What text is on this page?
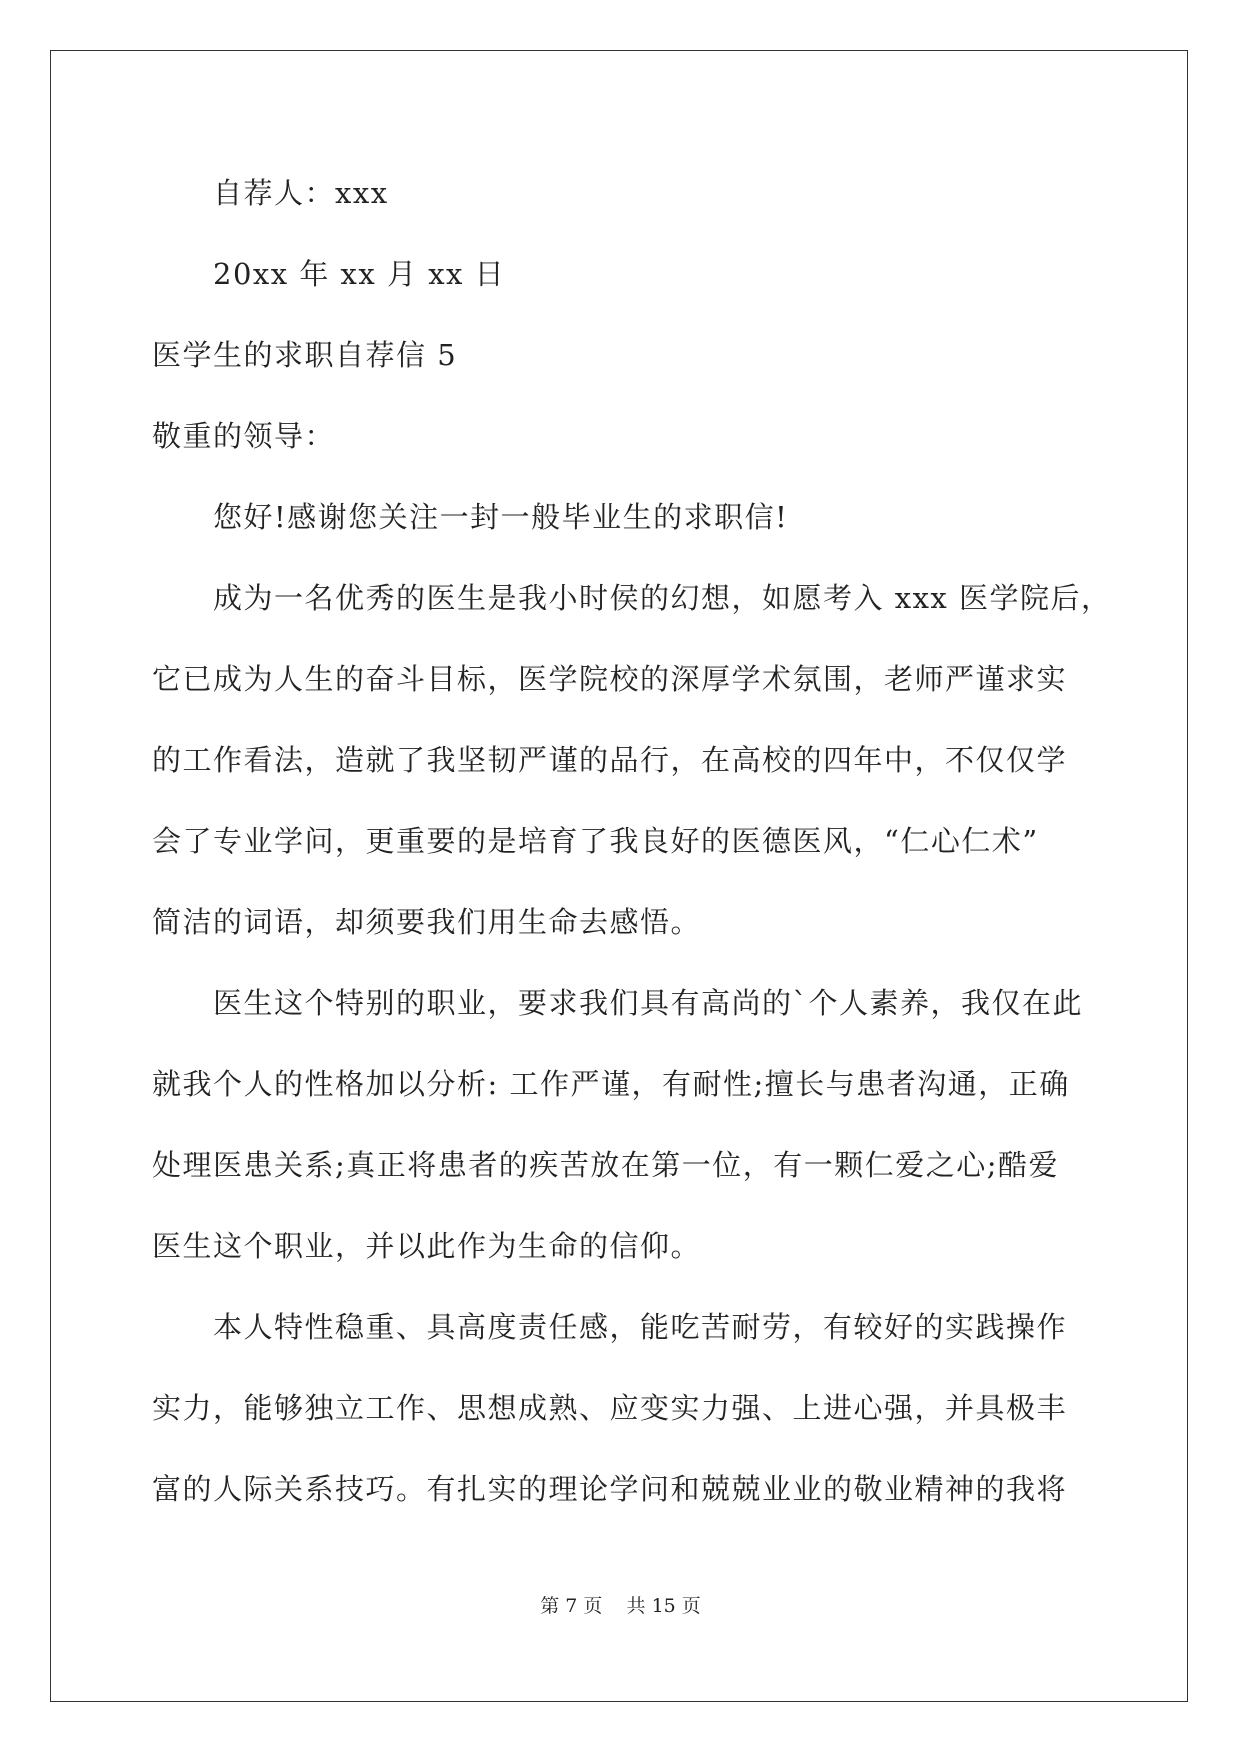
自荐人：xxx
20xx 年 xx 月 xx 日
医学生的求职自荐信 5
敬重的领导：
您好!感谢您关注一封一般毕业生的求职信!
成为一名优秀的医生是我小时侯的幻想，如愿考入 xxx 医学院后，
它已成为人生的奋斗目标，医学院校的深厚学术氛围，老师严谨求实
的工作看法，造就了我坚韧严谨的品行，在高校的四年中，不仅仅学
会了专业学问，更重要的是培育了我良好的医德医风，“仁心仁术”
简洁的词语，却须要我们用生命去感悟。
医生这个特别的职业，要求我们具有高尚的`个人素养，我仅在此
就我个人的性格加以分析: 工作严谨，有耐性;擅长与患者沟通，正确
处理医患关系;真正将患者的疾苦放在第一位，有一颗仁爱之心;酷爱
医生这个职业，并以此作为生命的信仰。
本人特性稳重、具高度责任感，能吃苦耐劳，有较好的实践操作
实力，能够独立工作、思想成熟、应变实力强、上进心强，并具极丰
富的人际关系技巧。有扎实的理论学问和兢兢业业的敬业精神的我将
第 7 页    共 15 页
